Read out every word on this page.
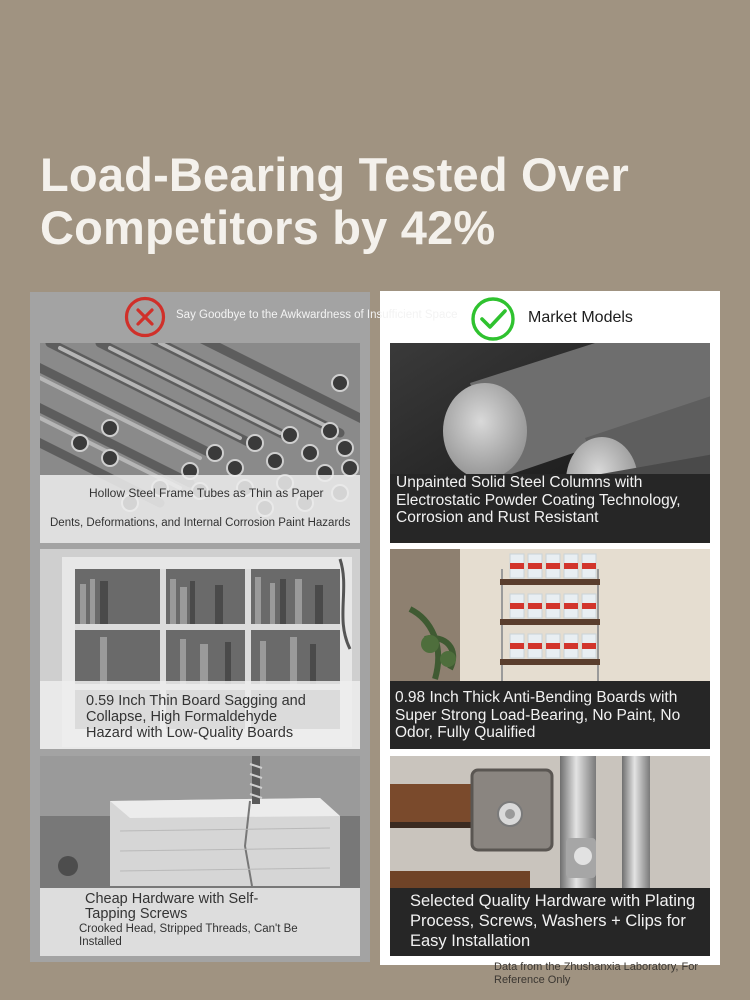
Load-Bearing Tested Over
Competitors by 42%
Say Goodbye to the Awkwardness of Insufficient Space	Market Models
Hollow Steel Frame Tubes as Thin as Paper
Dents, Deformations, and Internal Corrosion Paint Hazards
0.59 Inch Thin Board Sagging and Collapse, High Formaldehyde Hazard with Low-Quality Boards
Cheap Hardware with Self-Tapping Screws
Crooked Head, Stripped Threads, Can't Be Installed
Unpainted Solid Steel Columns with Electrostatic Powder Coating Technology, Corrosion and Rust Resistant
0.98 Inch Thick Anti-Bending Boards with Super Strong Load-Bearing, No Paint, No Odor, Fully Qualified
Selected Quality Hardware with Plating Process, Screws, Washers + Clips for Easy Installation
Data from the Zhushanxia Laboratory, For Reference Only
